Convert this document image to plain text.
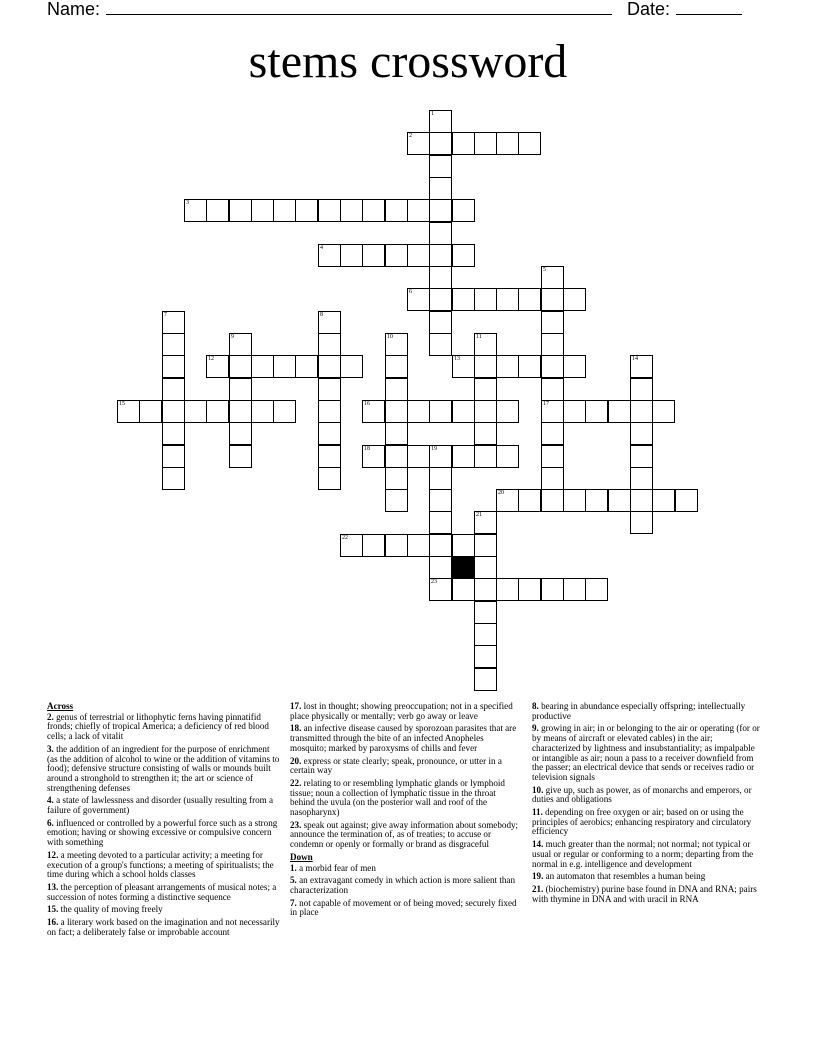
Name:	Date:
stems crossword
1
2
3
4
5
17
6
7	8
9	10	11
12	13	14
15	16
18	19
23
20
21
22
Across
2. genus of terrestrial or lithophytic ferns having pinnatifid fronds; chiefly of tropical America; a deficiency of red blood cells; a lack of vitalit
3. the addition of an ingredient for the purpose of enrichment (as the addition of alcohol to wine or the addition of vitamins to food); defensive structure consisting of walls or mounds built around a stronghold to strengthen it; the art or science of strengthening defenses
4. a state of lawlessness and disorder (usually resulting from a failure of government)
6. influenced or controlled by a powerful force such as a strong emotion; having or showing excessive or compulsive concern with something
12. a meeting devoted to a particular activity; a meeting for execution of a group's functions; a meeting of spiritualists; the time during which a school holds classes
13. the perception of pleasant arrangements of musical notes; a succession of notes forming a distinctive sequence
15. the quality of moving freely
16. a literary work based on the imagination and not necessarily on fact; a deliberately false or improbable account
17. lost in thought; showing preoccupation; not in a specified place physically or mentally; verb go away or leave
18. an infective disease caused by sporozoan parasites that are transmitted through the bite of an infected Anopheles mosquito; marked by paroxysms of chills and fever
20. express or state clearly; speak, pronounce, or utter in a certain way
22. relating to or resembling lymphatic glands or lymphoid tissue; noun a collection of lymphatic tissue in the throat behind the uvula (on the posterior wall and roof of the nasopharynx)
23. speak out against; give away information about somebody; announce the termination of, as of treaties; to accuse or condemn or openly or formally or brand as disgraceful
Down
1. a morbid fear of men
5. an extravagant comedy in which action is more salient than characterization
7. not capable of movement or of being moved; securely fixed in place
8. bearing in abundance especially offspring; intellectually productive
9. growing in air; in or belonging to the air or operating (for or by means of aircraft or elevated cables) in the air; characterized by lightness and insubstantiality; as impalpable or intangible as air; noun a pass to a receiver downfield from the passer; an electrical device that sends or receives radio or television signals
10. give up, such as power, as of monarchs and emperors, or duties and obligations
11. depending on free oxygen or air; based on or using the principles of aerobics; enhancing respiratory and circulatory efficiency
14. much greater than the normal; not normal; not typical or usual or regular or conforming to a norm; departing from the normal in e.g. intelligence and development
19. an automaton that resembles a human being
21. (biochemistry) purine base found in DNA and RNA; pairs with thymine in DNA and with uracil in RNA
